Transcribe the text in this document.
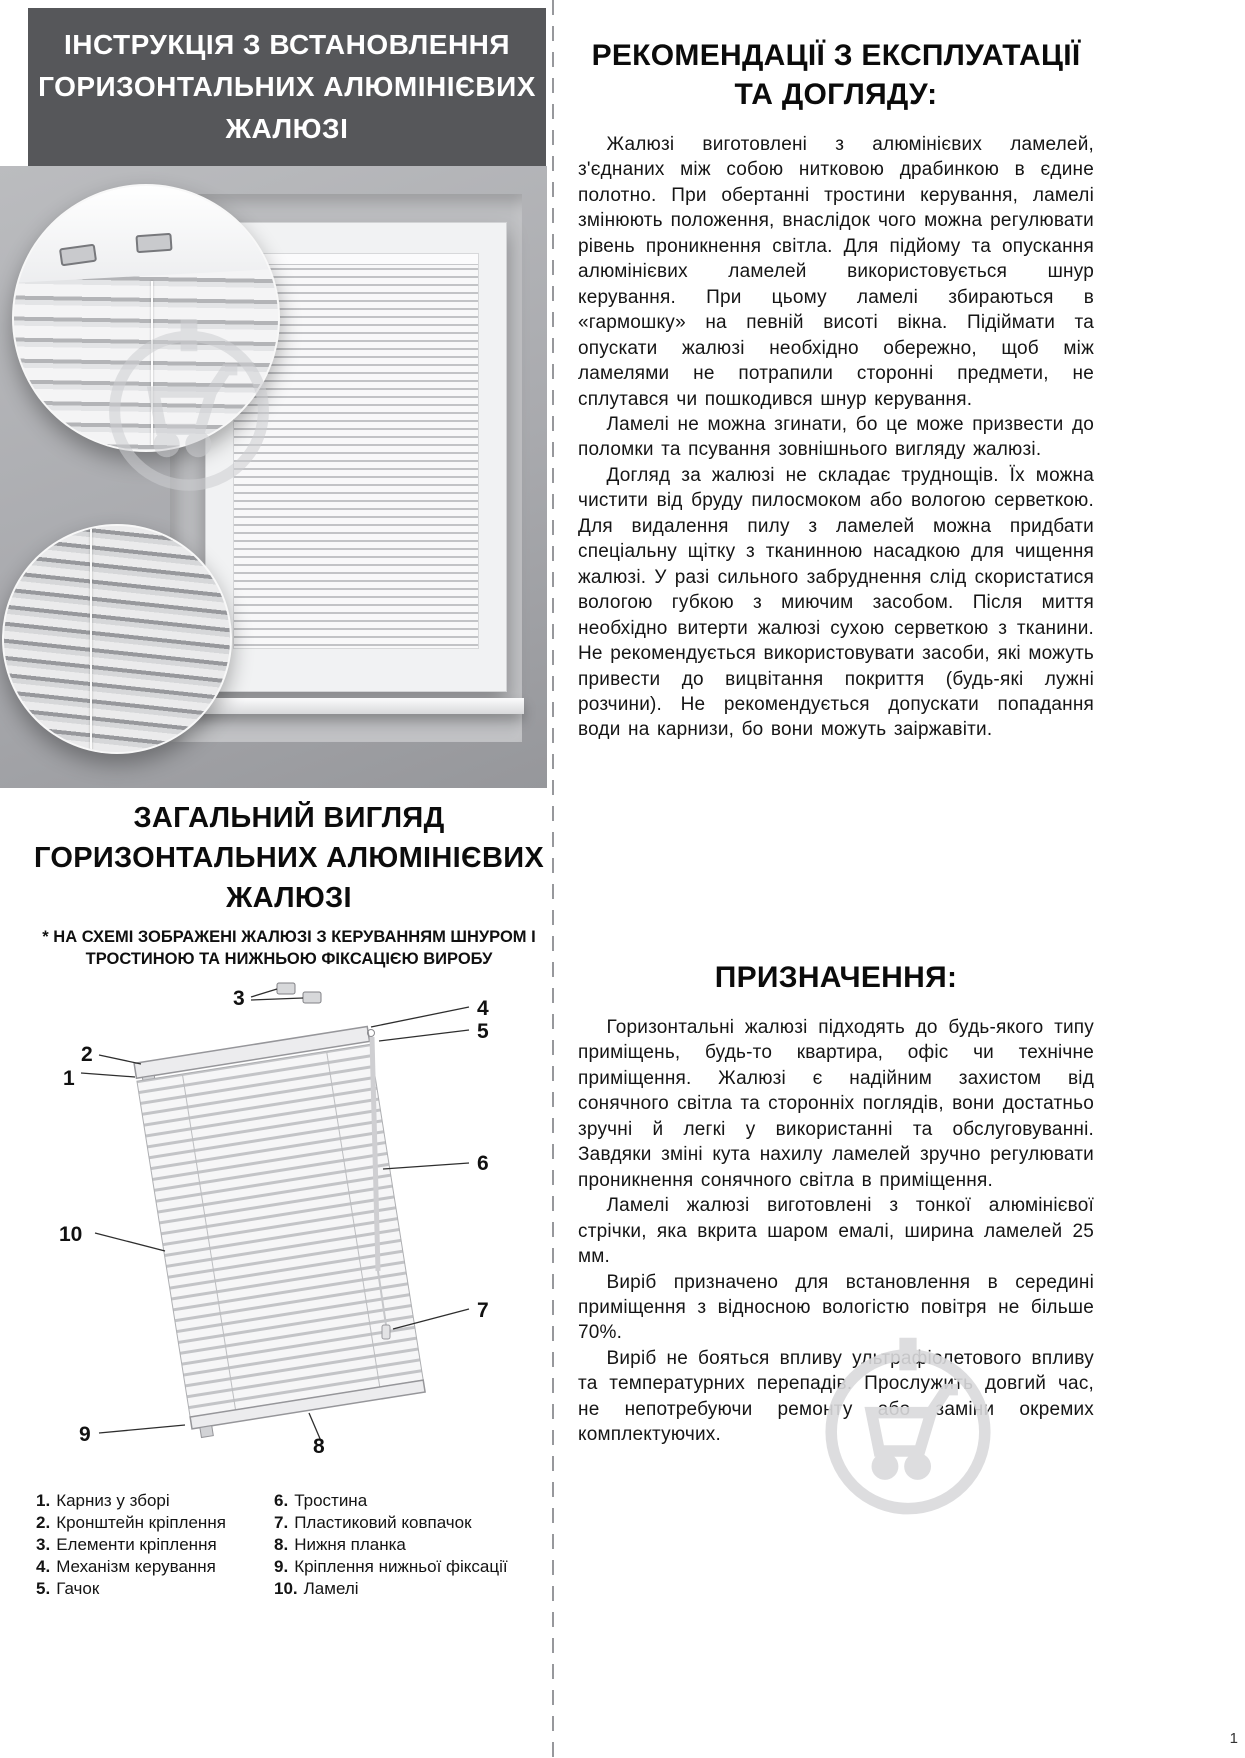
ІНСТРУКЦІЯ З ВСТАНОВЛЕННЯ
ГОРИЗОНТАЛЬНИХ АЛЮМІНІЄВИХ
ЖАЛЮЗІ
ЗАГАЛЬНИЙ ВИГЛЯД
ГОРИЗОНТАЛЬНИХ АЛЮМІНІЄВИХ
ЖАЛЮЗІ
* НА СХЕМІ ЗОБРАЖЕНІ ЖАЛЮЗІ З КЕРУВАННЯМ ШНУРОМ І
ТРОСТИНОЮ ТА НИЖНЬОЮ ФІКСАЦІЄЮ ВИРОБУ
1
2
3	4
5
6
7
8
9
10
1. Карниз у зборі
2. Кронштейн кріплення
3. Елементи кріплення
4. Механізм керування
5. Гачок
6. Тростина
7. Пластиковий ковпачок
8. Нижня планка
9. Кріплення нижньої фіксації
10. Ламелі
РЕКОМЕНДАЦІЇ З ЕКСПЛУАТАЦІЇ
ТА ДОГЛЯДУ:

Жалюзі виготовлені з алюмінієвих ламелей, з'єднаних між собою нитковою драбинкою в єдине полотно. При обертанні тростини керування, ламелі змінюють положення, внаслідок чого можна регулювати рівень проникнення світла. Для підйому та опускання алюмінієвих ламелей використовується шнур керування. При цьому ламелі збираються в «гармошку» на певній висоті вікна. Підіймати та опускати жалюзі необхідно обережно, щоб між ламелями не потрапили сторонні предмети, не сплутався чи пошкодився шнур керування.

Ламелі не можна згинати, бо це може призвести до поломки та псування зовнішнього вигляду жалюзі.

Догляд за жалюзі не складає труднощів. Їх можна чистити від бруду пилосмоком або вологою серветкою. Для видалення пилу з ламелей можна придбати спеціальну щітку з тканинною насадкою для чищення жалюзі. У разі сильного забруднення слід скористатися вологою губкою з миючим засобом. Після миття необхідно витерти жалюзі сухою серветкою з тканини. Не рекомендується використовувати засоби, які можуть привести до вицвітання покриття (будь-які лужні розчини). Не рекомендується допускати попадання води на карнизи, бо вони можуть заіржавіти.

ПРИЗНАЧЕННЯ:

Горизонтальні жалюзі підходять до будь-якого типу приміщень, будь-то квартира, офіс чи технічне приміщення. Жалюзі є надійним захистом від сонячного світла та сторонніх поглядів, вони достатньо зручні й легкі у використанні та обслуговуванні. Завдяки зміні кута нахилу ламелей зручно регулювати проникнення сонячного світла в приміщення.

Ламелі жалюзі виготовлені з тонкої алюмінієвої стрічки, яка вкрита шаром емалі, ширина ламелей 25 мм.

Виріб призначено для встановлення в середині приміщення з відносною вологістю повітря не більше 70%.

Виріб не бояться впливу ультрафіолетового впливу та температурних перепадів. Прослужить довгий час, не непотребуючи ремонту або заміни окремих комплектуючих.

1
